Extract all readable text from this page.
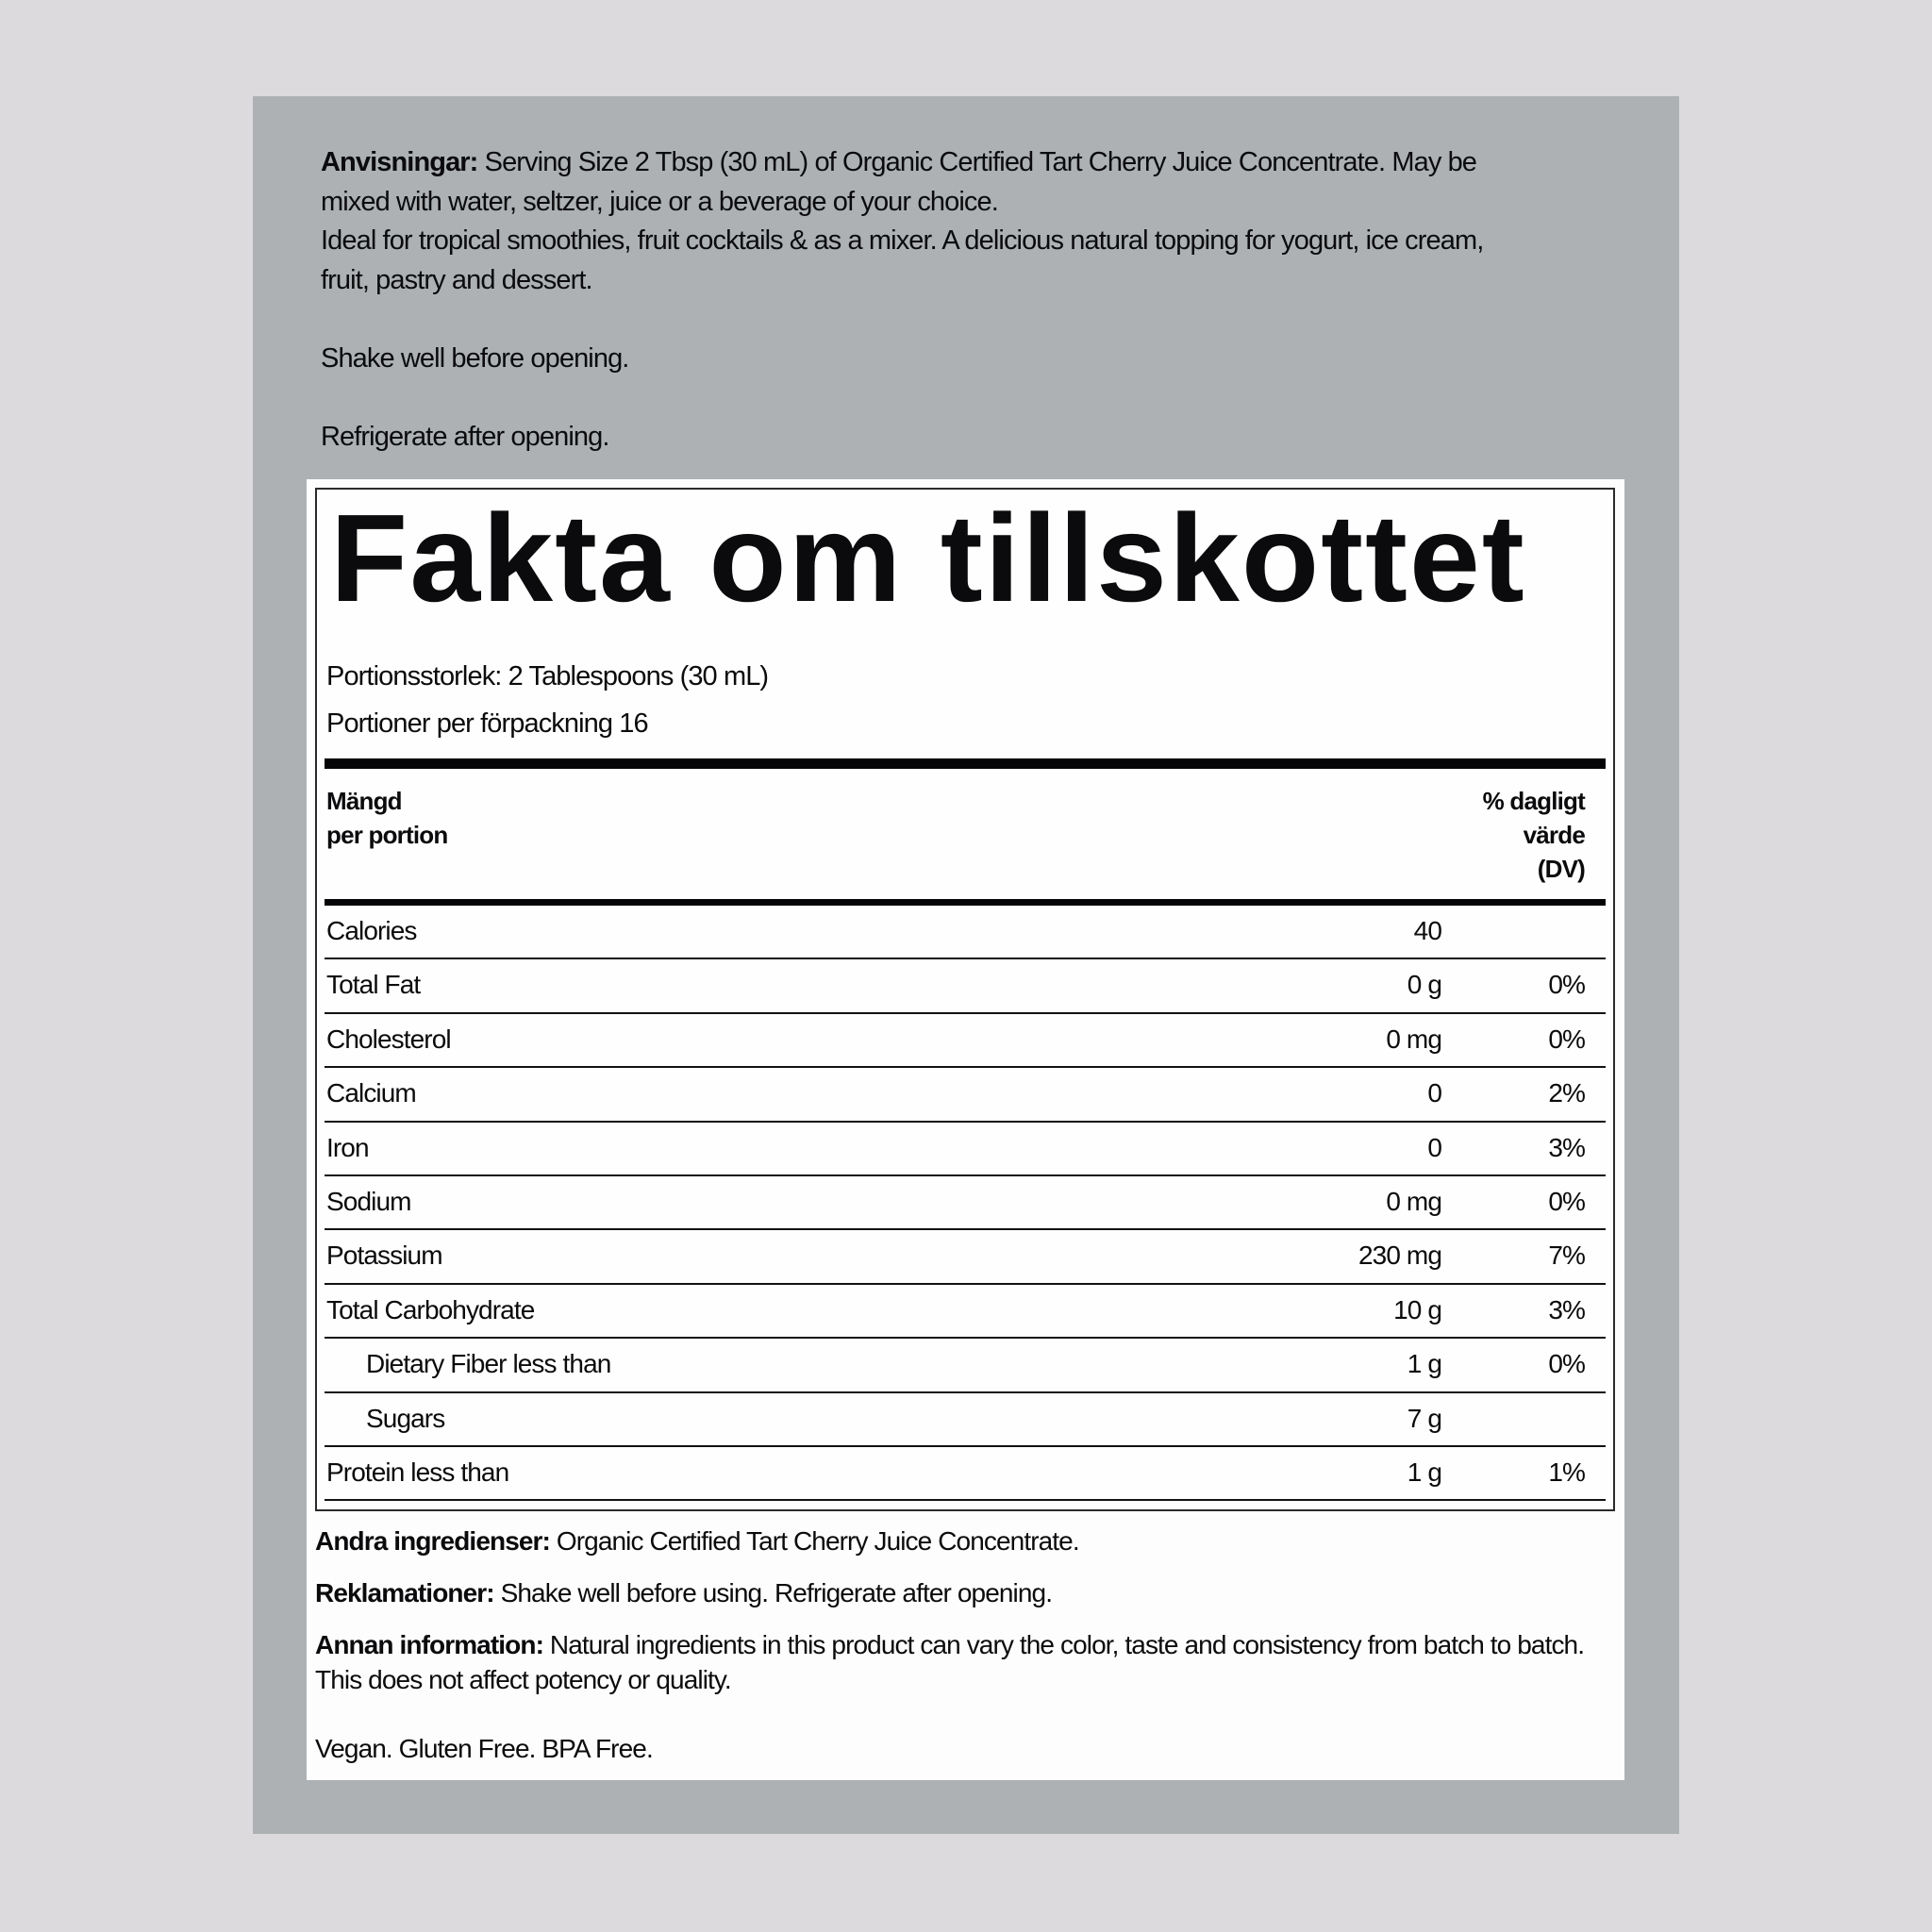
Anvisningar: Serving Size 2 Tbsp (30 mL) of Organic Certified Tart Cherry Juice Concentrate. May be

mixed with water, seltzer, juice or a beverage of your choice.

Ideal for tropical smoothies, fruit cocktails & as a mixer. A delicious natural topping for yogurt, ice cream,

fruit, pastry and dessert.

Shake well before opening.

Refrigerate after opening.

Fakta om tillskottet
Portionsstorlek: 2 Tablespoons (30 mL)
Portioner per förpackning 16
Mängd
per portion
% dagligt
värde
(DV)
Calories	40
Total Fat	0 g	0%
Cholesterol	0 mg	0%
Calcium	0	2%
Iron	0	3%
Sodium	0 mg	0%
Potassium	230 mg	7%
Total Carbohydrate	10 g	3%
Dietary Fiber less than	1 g	0%
Sugars	7 g
Protein less than	1 g	1%

Andra ingredienser: Organic Certified Tart Cherry Juice Concentrate.

Reklamationer: Shake well before using. Refrigerate after opening.

Annan information: Natural ingredients in this product can vary the color, taste and consistency from batch to batch.
This does not affect potency or quality.

Vegan. Gluten Free. BPA Free.
